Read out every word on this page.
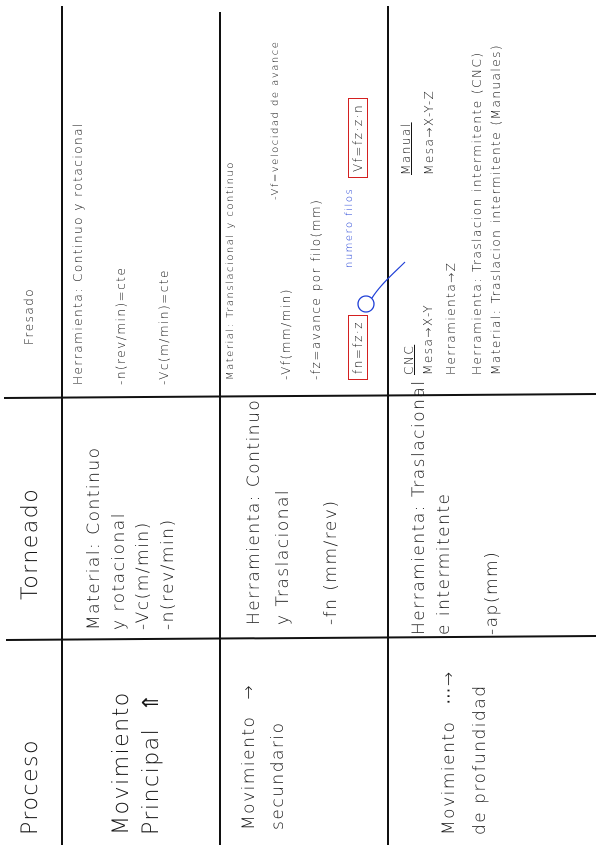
Proceso
Torneado
Fresado
Movimiento Principal⇑
Material: Continuo y rotacional -Vc(m/min) -n(rev/min)
Herramienta: Continuo y rotacional -n(rev/min)=cte -Vc(m/min)=cte
Movimiento→
secundario
Herramienta: Continuo y Traslacional -fn (mm/rev)
Material: Translacional y continuo	-Vf(mm/min)
-Vf=velocidad de avance
-fz=avance por filo(mm) fn=fz·z
Vf=fz·z·n
numero filos
Movimiento⋯→ de profundidad
Herramienta: Traslacional e intermitente -ap(mm)
CNC Mesa→X-Y Herramienta→Z Herramienta: Traslacion intermitente (CNC) Material: Traslacion intermitente (Manuales)
Manual Mesa→X-Y-Z
